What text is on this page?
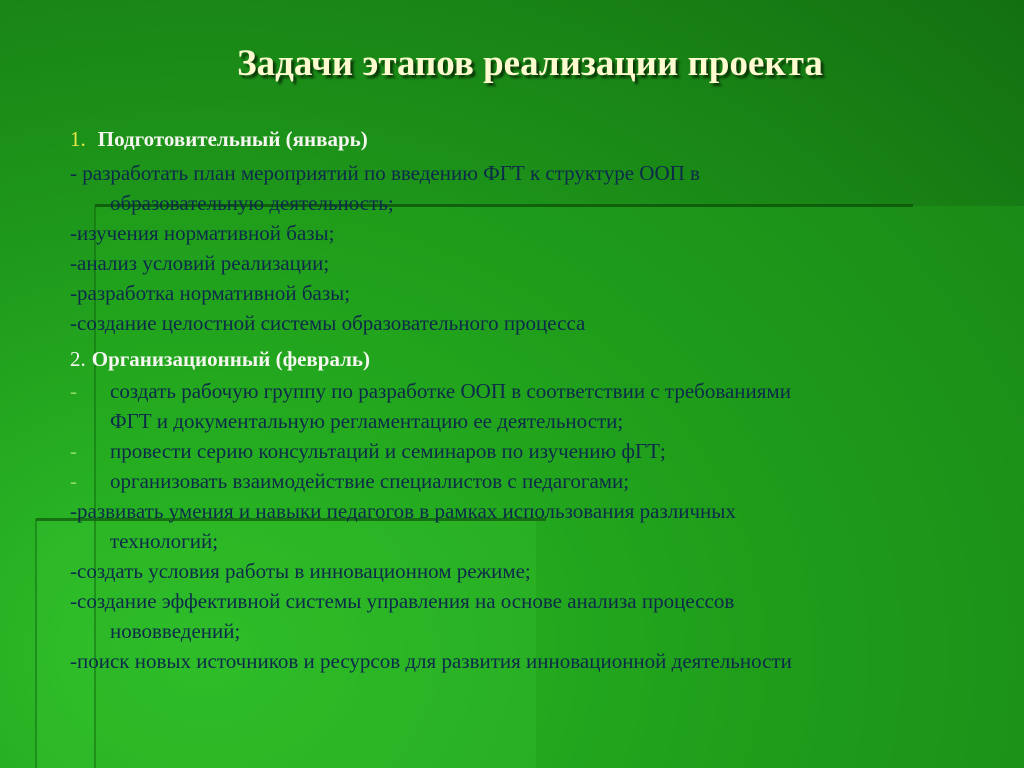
Задачи этапов реализации проекта
1. Подготовительный (январь)
- разработать план мероприятий по введению ФГТ к структуре ООП в
образовательную деятельность;
-изучения нормативной базы;
-анализ условий реализации;
-разработка нормативной базы;
-создание целостной системы образовательного процесса
2. Организационный (февраль)
-	создать рабочую группу по разработке ООП в соответствии с требованиями
ФГТ и документальную регламентацию ее деятельности;
-	провести серию консультаций и семинаров по изучению фГТ;
-	организовать взаимодействие специалистов с педагогами;
-развивать умения и навыки педагогов в рамках использования различных
технологий;
-создать условия работы в инновационном режиме;
-создание эффективной системы управления на основе анализа процессов
нововведений;
-поиск новых источников и ресурсов для развития инновационной деятельности
